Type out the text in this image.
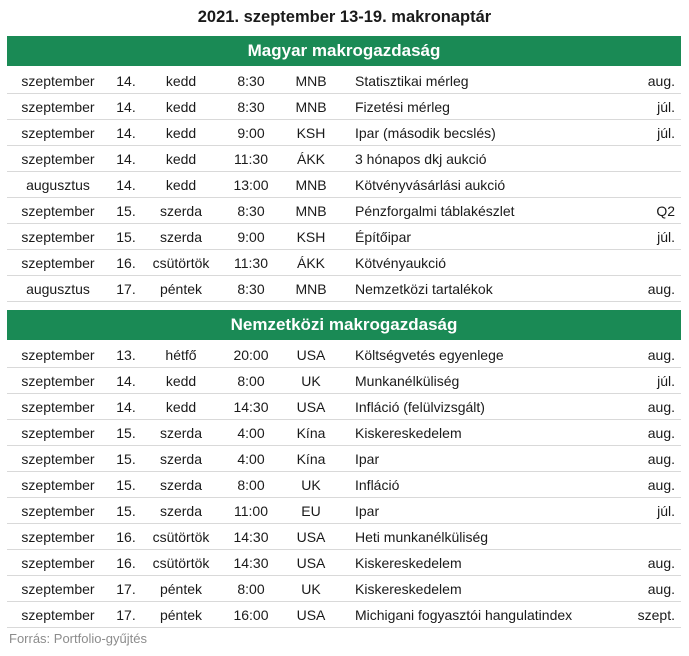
2021. szeptember 13-19. makronaptár
Magyar makrogazdaság
szeptember	14.	kedd	8:30	MNB	Statisztikai mérleg	aug.
szeptember	14.	kedd	8:30	MNB	Fizetési mérleg	júl.
szeptember	14.	kedd	9:00	KSH	Ipar (második becslés)	júl.
szeptember	14.	kedd	11:30	ÁKK	3 hónapos dkj aukció
augusztus	14.	kedd	13:00	MNB	Kötvényvásárlási aukció
szeptember	15.	szerda	8:30	MNB	Pénzforgalmi táblakészlet	Q2
szeptember	15.	szerda	9:00	KSH	Építőipar	júl.
szeptember	16.	csütörtök	11:30	ÁKK	Kötvényaukció
augusztus	17.	péntek	8:30	MNB	Nemzetközi tartalékok	aug.
Nemzetközi makrogazdaság
szeptember	13.	hétfő	20:00	USA	Költségvetés egyenlege	aug.
szeptember	14.	kedd	8:00	UK	Munkanélküliség	júl.
szeptember	14.	kedd	14:30	USA	Infláció (felülvizsgált)	aug.
szeptember	15.	szerda	4:00	Kína	Kiskereskedelem	aug.
szeptember	15.	szerda	4:00	Kína	Ipar	aug.
szeptember	15.	szerda	8:00	UK	Infláció	aug.
szeptember	15.	szerda	11:00	EU	Ipar	júl.
szeptember	16.	csütörtök	14:30	USA	Heti munkanélküliség
szeptember	16.	csütörtök	14:30	USA	Kiskereskedelem	aug.
szeptember	17.	péntek	8:00	UK	Kiskereskedelem	aug.
szeptember	17.	péntek	16:00	USA	Michigani fogyasztói hangulatindex	szept.
Forrás: Portfolio-gyűjtés
